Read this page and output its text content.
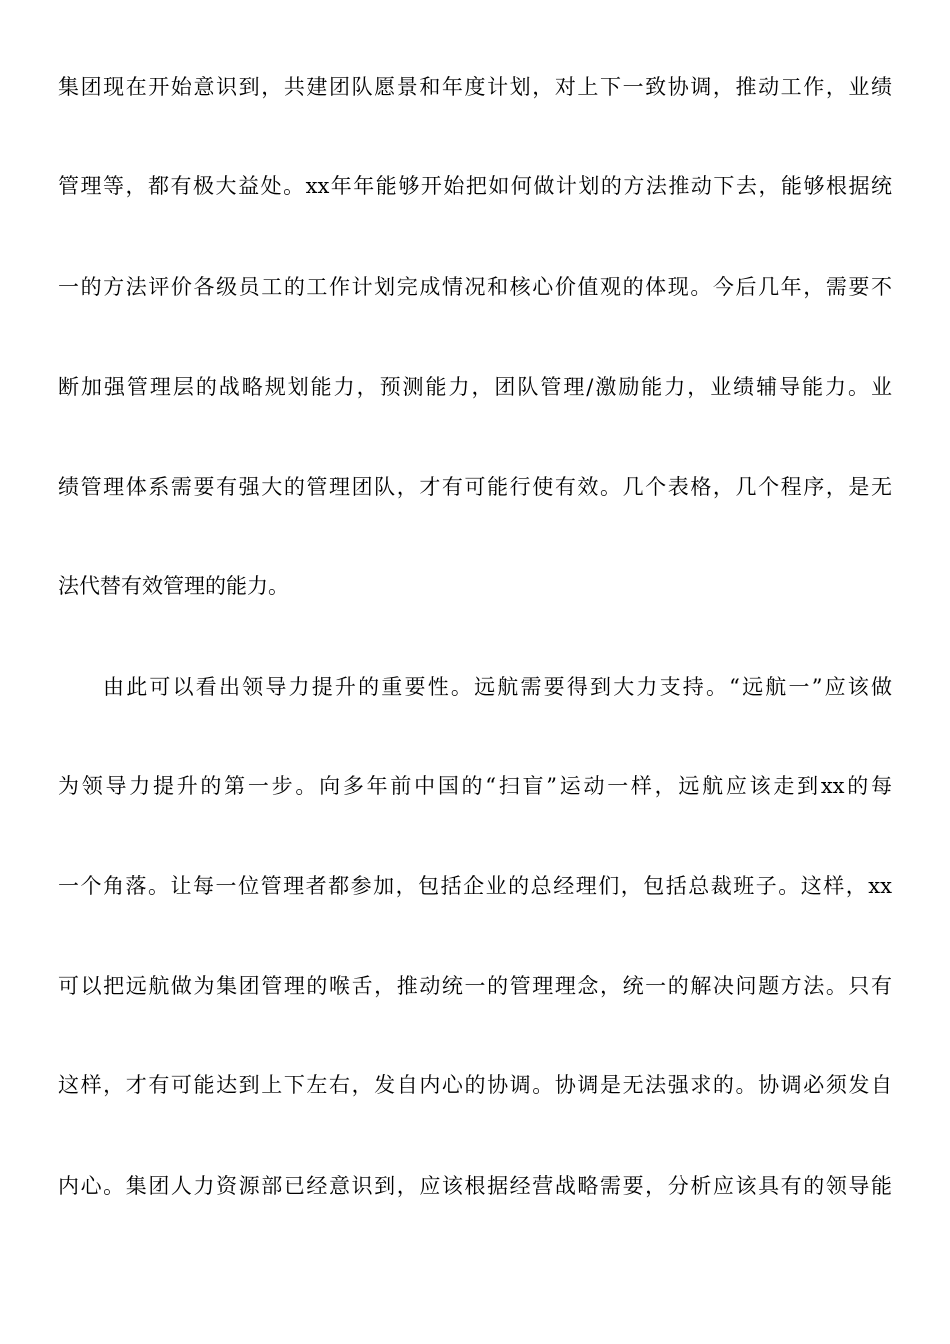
集团现在开始意识到，共建团队愿景和年度计划，对上下一致协调，推动工作，业绩
管理等，都有极大益处。xx年年能够开始把如何做计划的方法推动下去，能够根据统
一的方法评价各级员工的工作计划完成情况和核心价值观的体现。今后几年，需要不
断加强管理层的战略规划能力，预测能力，团队管理/激励能力，业绩辅导能力。业
绩管理体系需要有强大的管理团队，才有可能行使有效。几个表格，几个程序，是无
法代替有效管理的能力。
由此可以看出领导力提升的重要性。远航需要得到大力支持。“远航一”应该做
为领导力提升的第一步。向多年前中国的“扫盲”运动一样，远航应该走到xx的每
一个角落。让每一位管理者都参加，包括企业的总经理们，包括总裁班子。这样，xx
可以把远航做为集团管理的喉舌，推动统一的管理理念，统一的解决问题方法。只有
这样，才有可能达到上下左右，发自内心的协调。协调是无法强求的。协调必须发自
内心。集团人力资源部已经意识到，应该根据经营战略需要，分析应该具有的领导能
